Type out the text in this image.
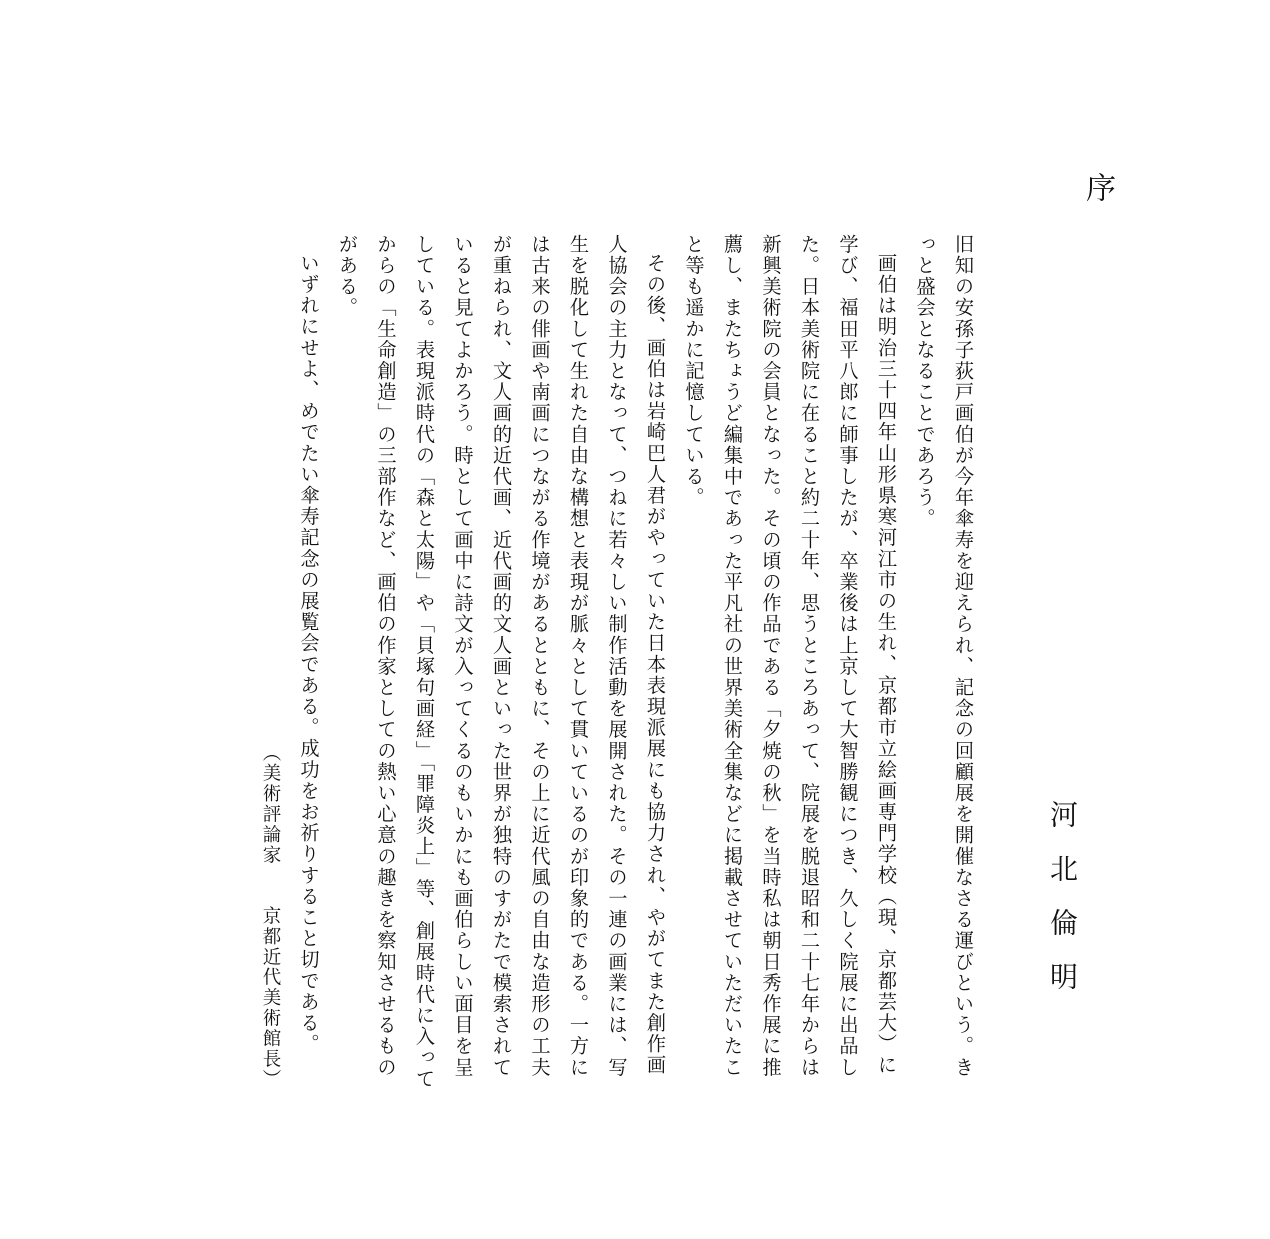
序
河北倫明

旧知の安孫子荻戸画伯が今年傘寿を迎えられ、記念の回顧展を開催なさる運びという。きっと盛会となることであろう。

画伯は明治三十四年山形県寒河江市の生れ、京都市立絵画専門学校（現、京都芸大）に学び、福田平八郎に師事したが、卒業後は上京して大智勝観につき、久しく院展に出品した。日本美術院に在ること約二十年、思うところあって、院展を脱退昭和二十七年からは新興美術院の会員となった。その頃の作品である「夕焼の秋」を当時私は朝日秀作展に推薦し、またちょうど編集中であった平凡社の世界美術全集などに掲載させていただいたこと等も遥かに記憶している。

その後、画伯は岩崎巴人君がやっていた日本表現派展にも協力され、やがてまた創作画人協会の主力となって、つねに若々しい制作活動を展開された。その一連の画業には、写生を脱化して生れた自由な構想と表現が脈々として貫いているのが印象的である。一方には古来の俳画や南画につながる作境があるとともに、その上に近代風の自由な造形の工夫が重ねられ、文人画的近代画、近代画的文人画といった世界が独特のすがたで模索されていると見てよかろう。時として画中に詩文が入ってくるのもいかにも画伯らしい面目を呈している。表現派時代の「森と太陽」や「貝塚句画経」「罪障炎上」等、創展時代に入ってからの「生命創造」の三部作など、画伯の作家としての熱い心意の趣きを察知させるものがある。

いずれにせよ、めでたい傘寿記念の展覧会である。成功をお祈りすること切である。

（美術評論家　　京都近代美術館長）
